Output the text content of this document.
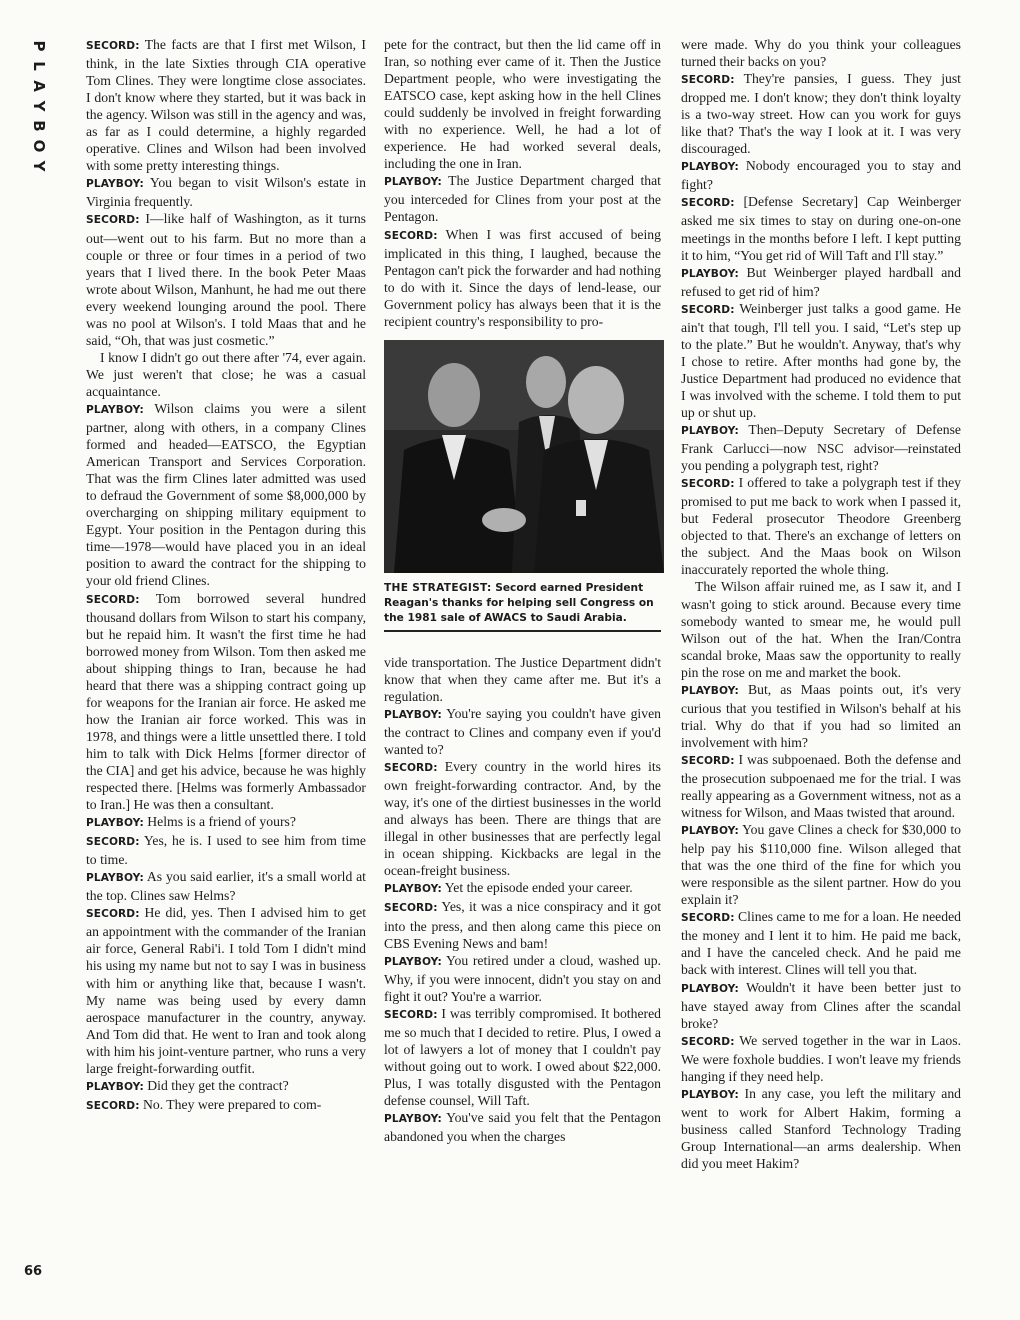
P
L
A
Y
B
O
Y
66

SECORD: The facts are that I first met Wilson, I think, in the late Sixties through CIA operative Tom Clines. They were longtime close associates. I don't know where they started, but it was back in the agency. Wilson was still in the agency and was, as far as I could determine, a highly regarded operative. Clines and Wilson had been involved with some pretty interesting things.

PLAYBOY: You began to visit Wilson's estate in Virginia frequently.

SECORD: I—like half of Washington, as it turns out—went out to his farm. But no more than a couple or three or four times in a period of two years that I lived there. In the book Peter Maas wrote about Wilson, Manhunt, he had me out there every weekend lounging around the pool. There was no pool at Wilson's. I told Maas that and he said, “Oh, that was just cosmetic.”

I know I didn't go out there after '74, ever again. We just weren't that close; he was a casual acquaintance.

PLAYBOY: Wilson claims you were a silent partner, along with others, in a company Clines formed and headed—EATSCO, the Egyptian American Transport and Services Corporation. That was the firm Clines later admitted was used to defraud the Government of some $8,000,000 by overcharging on shipping military equipment to Egypt. Your position in the Pentagon during this time—1978—would have placed you in an ideal position to award the contract for the shipping to your old friend Clines.

SECORD: Tom borrowed several hundred thousand dollars from Wilson to start his company, but he repaid him. It wasn't the first time he had borrowed money from Wilson. Tom then asked me about shipping things to Iran, because he had heard that there was a shipping contract going up for weapons for the Iranian air force. He asked me how the Iranian air force worked. This was in 1978, and things were a little unsettled there. I told him to talk with Dick Helms [former director of the CIA] and get his advice, because he was highly respected there. [Helms was formerly Ambassador to Iran.] He was then a consultant.

PLAYBOY: Helms is a friend of yours?

SECORD: Yes, he is. I used to see him from time to time.

PLAYBOY: As you said earlier, it's a small world at the top. Clines saw Helms?

SECORD: He did, yes. Then I advised him to get an appointment with the commander of the Iranian air force, General Rabi'i. I told Tom I didn't mind his using my name but not to say I was in business with him or anything like that, because I wasn't. My name was being used by every damn aerospace manufacturer in the country, anyway. And Tom did that. He went to Iran and took along with him his joint-venture partner, who runs a very large freight-forwarding outfit.

PLAYBOY: Did they get the contract?

SECORD: No. They were prepared to com-

pete for the contract, but then the lid came off in Iran, so nothing ever came of it. Then the Justice Department people, who were investigating the EATSCO case, kept asking how in the hell Clines could suddenly be involved in freight forwarding with no experience. Well, he had a lot of experience. He had worked several deals, including the one in Iran.

PLAYBOY: The Justice Department charged that you interceded for Clines from your post at the Pentagon.

SECORD: When I was first accused of being implicated in this thing, I laughed, because the Pentagon can't pick the forwarder and had nothing to do with it. Since the days of lend-lease, our Government policy has always been that it is the recipient country's responsibility to pro-

THE STRATEGIST: Secord earned President Reagan's thanks for helping sell Congress on the 1981 sale of AWACS to Saudi Arabia.

vide transportation. The Justice Department didn't know that when they came after me. But it's a regulation.

PLAYBOY: You're saying you couldn't have given the contract to Clines and company even if you'd wanted to?

SECORD: Every country in the world hires its own freight-forwarding contractor. And, by the way, it's one of the dirtiest businesses in the world and always has been. There are things that are illegal in other businesses that are perfectly legal in ocean shipping. Kickbacks are legal in the ocean-freight business.

PLAYBOY: Yet the episode ended your career.

SECORD: Yes, it was a nice conspiracy and it got into the press, and then along came this piece on CBS Evening News and bam!

PLAYBOY: You retired under a cloud, washed up. Why, if you were innocent, didn't you stay on and fight it out? You're a warrior.

SECORD: I was terribly compromised. It bothered me so much that I decided to retire. Plus, I owed a lot of lawyers a lot of money that I couldn't pay without going out to work. I owed about $22,000. Plus, I was totally disgusted with the Pentagon defense counsel, Will Taft.

PLAYBOY: You've said you felt that the Pentagon abandoned you when the charges

were made. Why do you think your colleagues turned their backs on you?

SECORD: They're pansies, I guess. They just dropped me. I don't know; they don't think loyalty is a two-way street. How can you work for guys like that? That's the way I look at it. I was very discouraged.

PLAYBOY: Nobody encouraged you to stay and fight?

SECORD: [Defense Secretary] Cap Weinberger asked me six times to stay on during one-on-one meetings in the months before I left. I kept putting it to him, “You get rid of Will Taft and I'll stay.”

PLAYBOY: But Weinberger played hardball and refused to get rid of him?

SECORD: Weinberger just talks a good game. He ain't that tough, I'll tell you. I said, “Let's step up to the plate.” But he wouldn't. Anyway, that's why I chose to retire. After months had gone by, the Justice Department had produced no evidence that I was involved with the scheme. I told them to put up or shut up.

PLAYBOY: Then–Deputy Secretary of Defense Frank Carlucci—now NSC advisor—reinstated you pending a polygraph test, right?

SECORD: I offered to take a polygraph test if they promised to put me back to work when I passed it, but Federal prosecutor Theodore Greenberg objected to that. There's an exchange of letters on the subject. And the Maas book on Wilson inaccurately reported the whole thing.

The Wilson affair ruined me, as I saw it, and I wasn't going to stick around. Because every time somebody wanted to smear me, he would pull Wilson out of the hat. When the Iran/Contra scandal broke, Maas saw the opportunity to really pin the rose on me and market the book.

PLAYBOY: But, as Maas points out, it's very curious that you testified in Wilson's behalf at his trial. Why do that if you had so limited an involvement with him?

SECORD: I was subpoenaed. Both the defense and the prosecution subpoenaed me for the trial. I was really appearing as a Government witness, not as a witness for Wilson, and Maas twisted that around.

PLAYBOY: You gave Clines a check for $30,000 to help pay his $110,000 fine. Wilson alleged that that was the one third of the fine for which you were responsible as the silent partner. How do you explain it?

SECORD: Clines came to me for a loan. He needed the money and I lent it to him. He paid me back, and I have the canceled check. And he paid me back with interest. Clines will tell you that.

PLAYBOY: Wouldn't it have been better just to have stayed away from Clines after the scandal broke?

SECORD: We served together in the war in Laos. We were foxhole buddies. I won't leave my friends hanging if they need help.

PLAYBOY: In any case, you left the military and went to work for Albert Hakim, forming a business called Stanford Technology Trading Group International—an arms dealership. When did you meet Hakim?
